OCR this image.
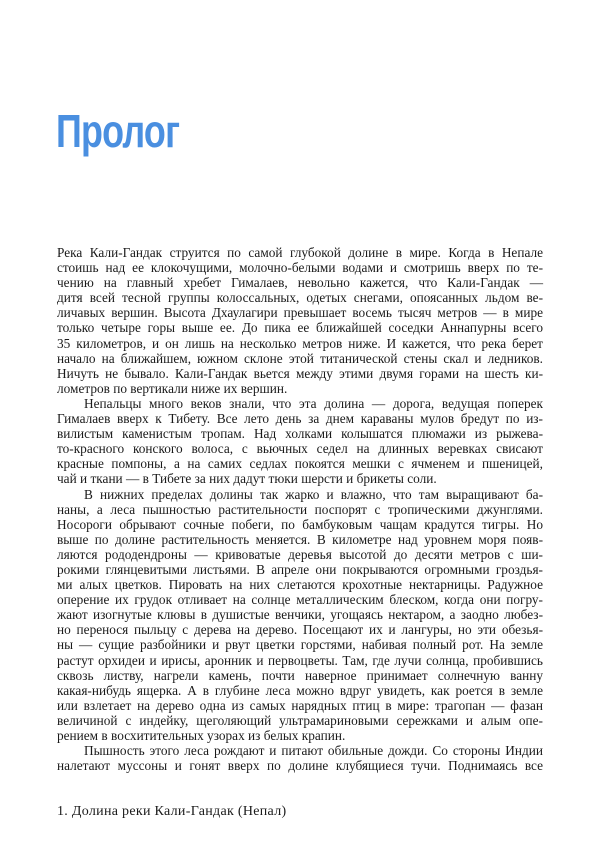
Пролог
Река Кали-Гандак струится по самой глубокой долине в мире. Когда в Непале
стоишь над ее клокочущими, молочно-белыми водами и смотришь вверх по те-
чению на главный хребет Гималаев, невольно кажется, что Кали-Гандак —
дитя всей тесной группы колоссальных, одетых снегами, опоясанных льдом ве-
личавых вершин. Высота Дхаулагири превышает восемь тысяч метров — в мире
только четыре горы выше ее. До пика ее ближайшей соседки Аннапурны всего
35 километров, и он лишь на несколько метров ниже. И кажется, что река берет
начало на ближайшем, южном склоне этой титанической стены скал и ледников.
Ничуть не бывало. Кали-Гандак вьется между этими двумя горами на шесть ки-
лометров по вертикали ниже их вершин.
Непальцы много веков знали, что эта долина — дорога, ведущая поперек
Гималаев вверх к Тибету. Все лето день за днем караваны мулов бредут по из-
вилистым каменистым тропам. Над холками колышатся плюмажи из рыжева-
то-красного конского волоса, с вьючных седел на длинных веревках свисают
красные помпоны, а на самих седлах покоятся мешки с ячменем и пшеницей,
чай и ткани — в Тибете за них дадут тюки шерсти и брикеты соли.
В нижних пределах долины так жарко и влажно, что там выращивают ба-
наны, а леса пышностью растительности поспорят с тропическими джунглями.
Носороги обрывают сочные побеги, по бамбуковым чащам крадутся тигры. Но
выше по долине растительность меняется. В километре над уровнем моря появ-
ляются рододендроны — кривоватые деревья высотой до десяти метров с ши-
рокими глянцевитыми листьями. В апреле они покрываются огромными гроздья-
ми алых цветков. Пировать на них слетаются крохотные нектарницы. Радужное
оперение их грудок отливает на солнце металлическим блеском, когда они погру-
жают изогнутые клювы в душистые венчики, угощаясь нектаром, а заодно любез-
но перенося пыльцу с дерева на дерево. Посещают их и лангуры, но эти обезья-
ны — сущие разбойники и рвут цветки горстями, набивая полный рот. На земле
растут орхидеи и ирисы, аронник и первоцветы. Там, где лучи солнца, пробившись
сквозь листву, нагрели камень, почти наверное принимает солнечную ванну
какая-нибудь ящерка. А в глубине леса можно вдруг увидеть, как роется в земле
или взлетает на дерево одна из самых нарядных птиц в мире: трагопан — фазан
величиной с индейку, щеголяющий ультрамариновыми сережками и алым опе-
рением в восхитительных узорах из белых крапин.
Пышность этого леса рождают и питают обильные дожди. Со стороны Индии
налетают муссоны и гонят вверх по долине клубящиеся тучи. Поднимаясь все
1. Долина реки Кали-Гандак (Непал)
